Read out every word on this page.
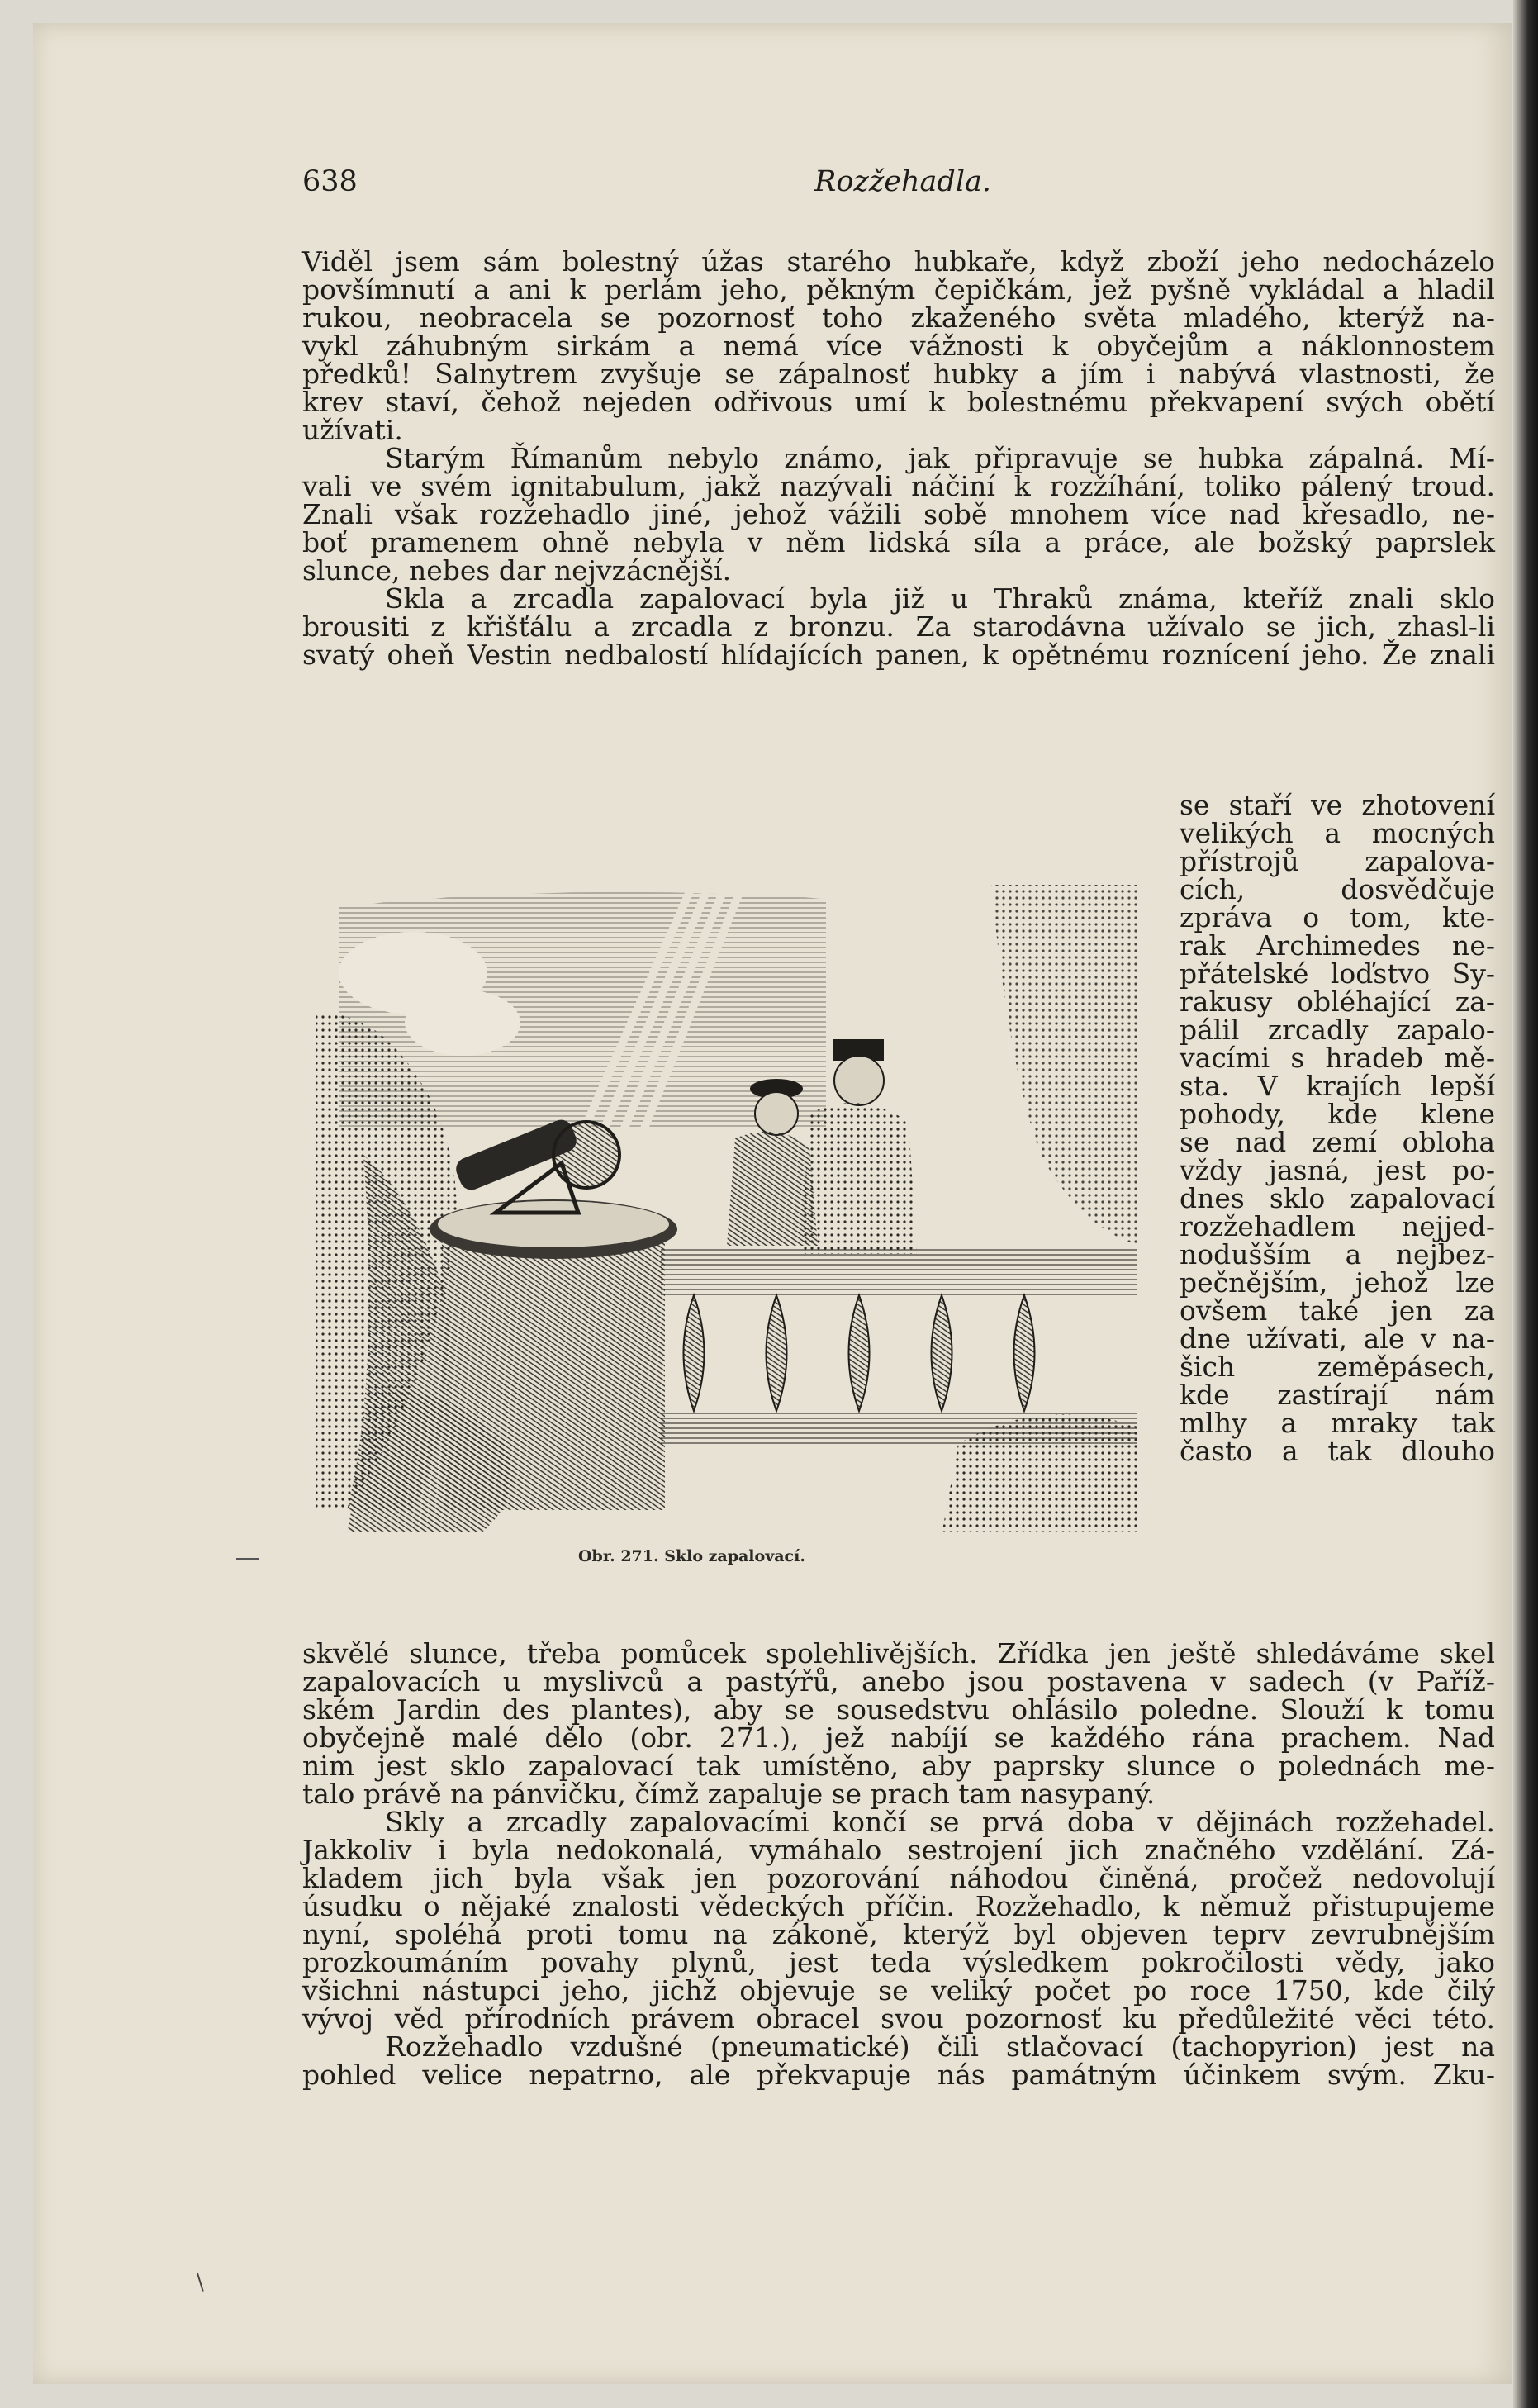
638	Rozžehadla.
Viděl jsem sám bolestný úžas starého hubkaře, když zboží jeho nedocházelo
povšímnutí a ani k perlám jeho, pěkným čepičkám, jež pyšně vykládal a hladil
rukou, neobracela se pozornosť toho zkaženého světa mladého, kterýž na-
vykl záhubným sirkám a nemá více vážnosti k obyčejům a náklonnostem
předků! Salnytrem zvyšuje se zápalnosť hubky a jím i nabývá vlastnosti, že
krev staví, čehož nejeden odřivous umí k bolestnému překvapení svých obětí
užívati.
Starým Římanům nebylo známo, jak připravuje se hubka zápalná. Mí-
vali ve svém ignitabulum, jakž nazývali náčiní k rozžíhání, toliko pálený troud.
Znali však rozžehadlo jiné, jehož vážili sobě mnohem více nad křesadlo, ne-
boť pramenem ohně nebyla v něm lidská síla a práce, ale božský paprslek
slunce, nebes dar nejvzácnější.
Skla a zrcadla zapalovací byla již u Thraků známa, kteříž znali sklo
brousiti z křišťálu a zrcadla z bronzu. Za starodávna užívalo se jich, zhasl-li
svatý oheň Vestin nedbalostí hlídajících panen, k opětnému roznícení jeho. Že znali
Obr. 271. Sklo zapalovací.
se staří ve zhotovení
velikých a mocných
přístrojů zapalova-
cích, dosvědčuje
zpráva o tom, kte-
rak Archimedes ne-
přátelské loďstvo Sy-
rakusy obléhající za-
pálil zrcadly zapalo-
vacími s hradeb mě-
sta. V krajích lepší
pohody, kde klene
se nad zemí obloha
vždy jasná, jest po-
dnes sklo zapalovací
rozžehadlem nejjed-
nodušším a nejbez-
pečnějším, jehož lze
ovšem také jen za
dne užívati, ale v na-
šich zeměpásech,
kde zastírají nám
mlhy a mraky tak
často a tak dlouho
skvělé slunce, třeba pomůcek spolehlivějších. Zřídka jen ještě shledáváme skel
zapalovacích u myslivců a pastýřů, anebo jsou postavena v sadech (v Paříž-
ském Jardin des plantes), aby se sousedstvu ohlásilo poledne. Slouží k tomu
obyčejně malé dělo (obr. 271.), jež nabíjí se každého rána prachem. Nad
nim jest sklo zapalovací tak umístěno, aby paprsky slunce o polednách me-
talo právě na pánvičku, čímž zapaluje se prach tam nasypaný.
Skly a zrcadly zapalovacími končí se prvá doba v dějinách rozžehadel.
Jakkoliv i byla nedokonalá, vymáhalo sestrojení jich značného vzdělání. Zá-
kladem jich byla však jen pozorování náhodou činěná, pročež nedovolují
úsudku o nějaké znalosti vědeckých příčin. Rozžehadlo, k němuž přistupujeme
nyní, spoléhá proti tomu na zákoně, kterýž byl objeven teprv zevrubnějším
prozkoumáním povahy plynů, jest teda výsledkem pokročilosti vědy, jako
všichni nástupci jeho, jichž objevuje se veliký počet po roce 1750, kde čilý
vývoj věd přírodních právem obracel svou pozornosť ku předůležité věci této.
Rozžehadlo vzdušné (pneumatické) čili stlačovací (tachopyrion) jest na
pohled velice nepatrno, ale překvapuje nás památným účinkem svým. Zku-
\
